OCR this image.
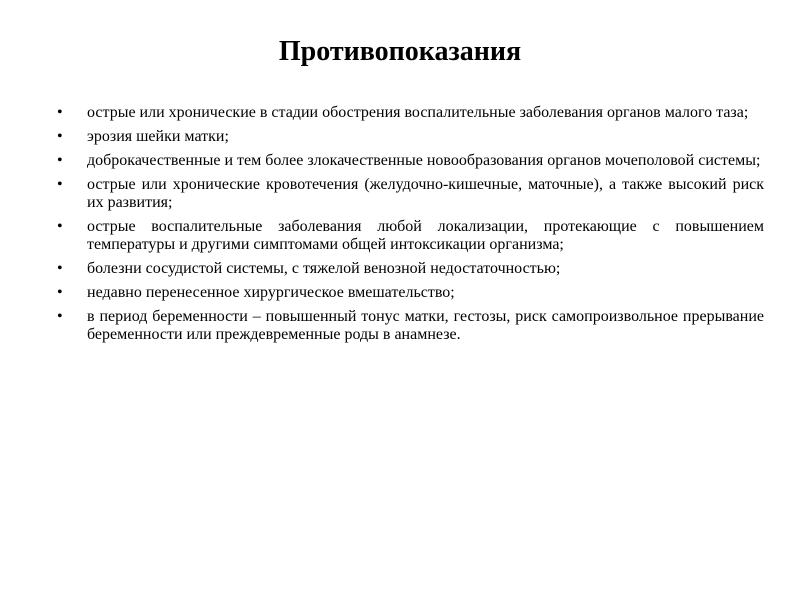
Противопоказания
•	острые или хронические в стадии обострения воспалительные заболевания органов малого таза;
•	эрозия шейки матки;
•	доброкачественные и тем более злокачественные новообразования органов мочеполовой системы;
•	острые или хронические кровотечения (желудочно-кишечные, маточные), а также высокий риск их развития;
•	острые воспалительные заболевания любой локализации, протекающие с повышением температуры и другими симптомами общей интоксикации организма;
•	болезни сосудистой системы, с тяжелой венозной недостаточностью;
•	недавно перенесенное хирургическое вмешательство;
•	в период беременности – повышенный тонус матки, гестозы, риск самопроизвольное прерывание беременности или преждевременные роды в анамнезе.
